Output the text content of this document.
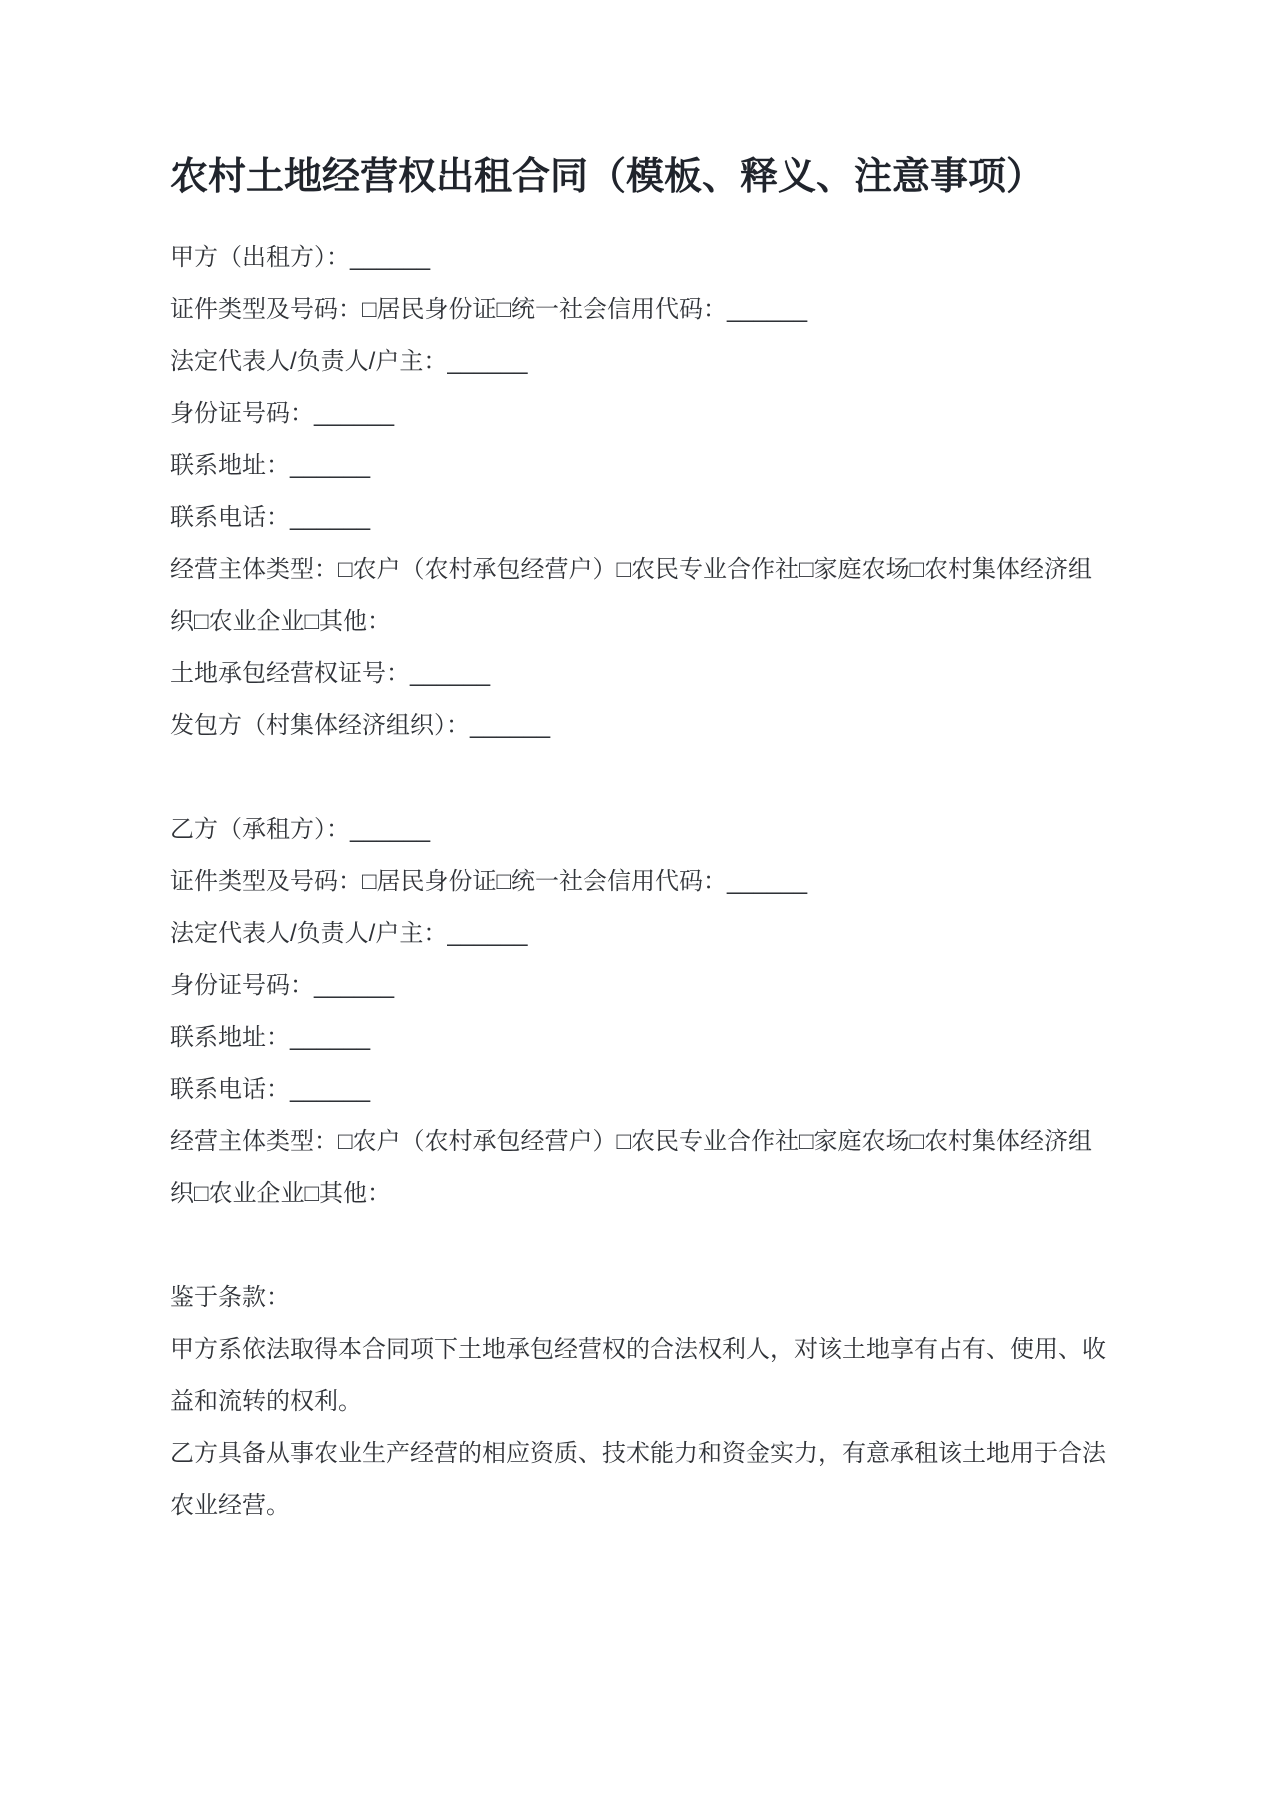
农村土地经营权出租合同（模板、释义、注意事项）

甲方（出租方）：______

证件类型及号码：□居民身份证□统一社会信用代码：______

法定代表人/负责人/户主：______

身份证号码：______

联系地址：______

联系电话：______

经营主体类型：□农户（农村承包经营户）□农民专业合作社□家庭农场□农村集体经济组织□农业企业□其他：

土地承包经营权证号：______

发包方（村集体经济组织）：______

乙方（承租方）：______

证件类型及号码：□居民身份证□统一社会信用代码：______

法定代表人/负责人/户主：______

身份证号码：______

联系地址：______

联系电话：______

经营主体类型：□农户（农村承包经营户）□农民专业合作社□家庭农场□农村集体经济组织□农业企业□其他：

鉴于条款：

甲方系依法取得本合同项下土地承包经营权的合法权利人，对该土地享有占有、使用、收益和流转的权利。

乙方具备从事农业生产经营的相应资质、技术能力和资金实力，有意承租该土地用于合法农业经营。
